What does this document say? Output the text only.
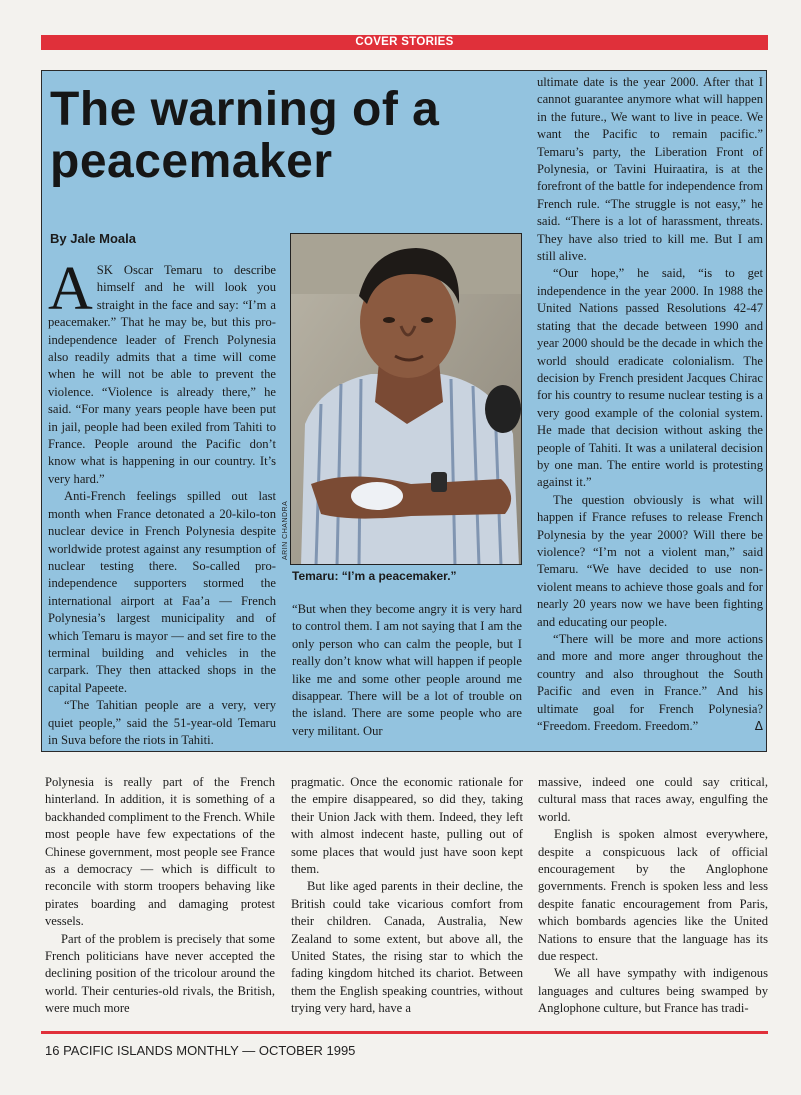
COVER STORIES
The warning of a peacemaker
By Jale Moala

ASK Oscar Temaru to describe himself and he will look you straight in the face and say: “I’m a peacemaker.” That he may be, but this pro-independence leader of French Polynesia also readily admits that a time will come when he will not be able to prevent the violence. “Violence is already there,” he said. “For many years people have been put in jail, people had been exiled from Tahiti to France. People around the Pacific don’t know what is happening in our country. It’s very hard.”

Anti-French feelings spilled out last month when France detonated a 20-kilo-ton nuclear device in French Polynesia despite worldwide protest against any resumption of nuclear testing there. So-called pro-independence supporters stormed the international airport at Faa’a — French Polynesia’s largest municipality and of which Temaru is mayor — and set fire to the terminal building and vehicles in the carpark. They then attacked shops in the capital Papeete.

“The Tahitian people are a very, very quiet people,” said the 51-year-old Temaru in Suva before the riots in Tahiti.

ARIN CHANDRA
Temaru: “I’m a peacemaker.”

“But when they become angry it is very hard to control them. I am not saying that I am the only person who can calm the people, but I really don’t know what will happen if people like me and some other people around me disappear. There will be a lot of trouble on the island. There are some people who are very militant. Our

ultimate date is the year 2000. After that I cannot guarantee anymore what will happen in the future., We want to live in peace. We want the Pacific to remain pacific.” Temaru’s party, the Liberation Front of Polynesia, or Tavini Huiraatira, is at the forefront of the battle for independence from French rule. “The struggle is not easy,” he said. “There is a lot of harassment, threats. They have also tried to kill me. But I am still alive.

“Our hope,” he said, “is to get independence in the year 2000. In 1988 the United Nations passed Resolutions 42-47 stating that the decade between 1990 and year 2000 should be the decade in which the world should eradicate colonialism. The decision by French president Jacques Chirac for his country to resume nuclear testing is a very good example of the colonial system. He made that decision without asking the people of Tahiti. It was a unilateral decision by one man. The entire world is protesting against it.”

The question obviously is what will happen if France refuses to release French Polynesia by the year 2000? Will there be violence? “I’m not a violent man,” said Temaru. “We have decided to use non-violent means to achieve those goals and for nearly 20 years now we have been fighting and educating our people.

“There will be more and more actions and more and more anger throughout the country and also throughout the South Pacific and even in France.” And his ultimate goal for French Polynesia? “Freedom. Freedom. Freedom.”	Δ

Polynesia is really part of the French hinterland. In addition, it is something of a backhanded compliment to the French. While most people have few expectations of the Chinese government, most people see France as a democracy — which is difficult to reconcile with storm troopers behaving like pirates boarding and damaging protest vessels.

Part of the problem is precisely that some French politicians have never accepted the declining position of the tricolour around the world. Their centuries-old rivals, the British, were much more

pragmatic. Once the economic rationale for the empire disappeared, so did they, taking their Union Jack with them. Indeed, they left with almost indecent haste, pulling out of some places that would just have soon kept them.

But like aged parents in their decline, the British could take vicarious comfort from their children. Canada, Australia, New Zealand to some extent, but above all, the United States, the rising star to which the fading kingdom hitched its chariot. Between them the English speaking countries, without trying very hard, have a

massive, indeed one could say critical, cultural mass that races away, engulfing the world.

English is spoken almost everywhere, despite a conspicuous lack of official encouragement by the Anglophone governments. French is spoken less and less despite fanatic encouragement from Paris, which bombards agencies like the United Nations to ensure that the language has its due respect.

We all have sympathy with indigenous languages and cultures being swamped by Anglophone culture, but France has tradi-

16 PACIFIC ISLANDS MONTHLY — OCTOBER 1995
